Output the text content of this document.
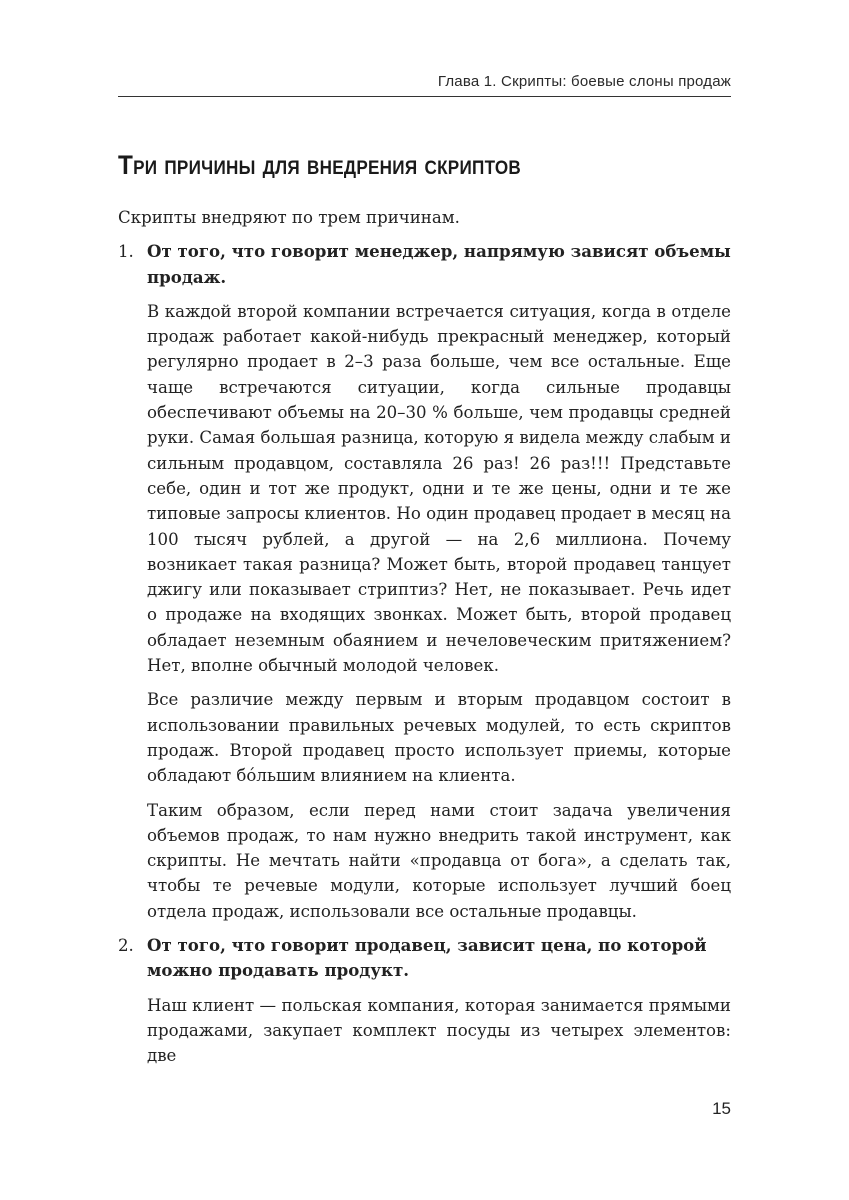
Глава 1. Скрипты: боевые слоны продаж
Три причины для внедрения скриптов

Скрипты внедряют по трем причинам.

1. От того, что говорит менеджер, напрямую зависят объемы продаж.

В каждой второй компании встречается ситуация, когда в отделе продаж работает какой-нибудь прекрасный менеджер, который регулярно продает в 2–3 раза больше, чем все остальные. Еще чаще встречаются ситуации, когда сильные продавцы обеспечивают объемы на 20–30 % больше, чем продавцы средней руки. Самая большая разница, которую я видела между слабым и сильным продавцом, составляла 26 раз! 26 раз!!! Представьте себе, один и тот же продукт, одни и те же цены, одни и те же типовые запросы клиентов. Но один продавец продает в месяц на 100 тысяч рублей, а другой — на 2,6 миллиона. Почему возникает такая разница? Может быть, второй продавец танцует джигу или показывает стриптиз? Нет, не показывает. Речь идет о продаже на входящих звонках. Может быть, второй продавец обладает неземным обаянием и нечеловеческим притяжением? Нет, вполне обычный молодой человек.

Все различие между первым и вторым продавцом состоит в использовании правильных речевых модулей, то есть скриптов продаж. Второй продавец просто использует приемы, которые обладают бóльшим влиянием на клиента.

Таким образом, если перед нами стоит задача увеличения объемов продаж, то нам нужно внедрить такой инструмент, как скрипты. Не мечтать найти «продавца от бога», а сделать так, чтобы те речевые модули, которые использует лучший боец отдела продаж, использовали все остальные продавцы.

2. От того, что говорит продавец, зависит цена, по которой можно продавать продукт.

Наш клиент — польская компания, которая занимается прямыми продажами, закупает комплект посуды из четырех элементов: две

15
